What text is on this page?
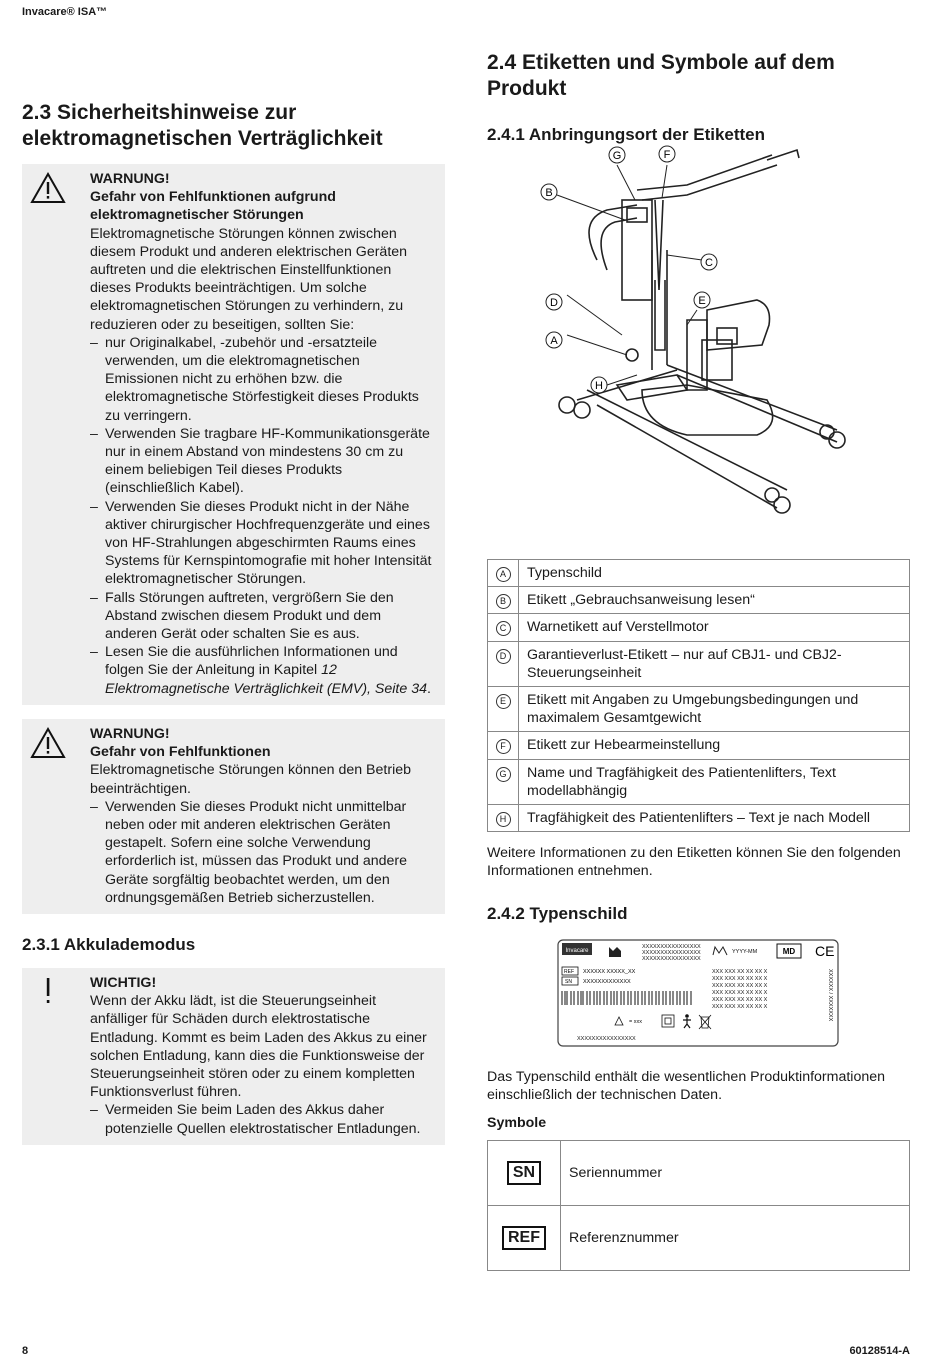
Invacare® ISA™
2.3 Sicherheitshinweise zur elektromagnetischen Verträglichkeit
WARNUNG!
Gefahr von Fehlfunktionen aufgrund elektromagnetischer Störungen
Elektromagnetische Störungen können zwischen diesem Produkt und anderen elektrischen Geräten auftreten und die elektrischen Einstellfunktionen dieses Produkts beeinträchtigen. Um solche elektromagnetischen Störungen zu verhindern, zu reduzieren oder zu beseitigen, sollten Sie:
– nur Originalkabel, -zubehör und -ersatzteile verwenden, um die elektromagnetischen Emissionen nicht zu erhöhen bzw. die elektromagnetische Störfestigkeit dieses Produkts zu verringern.
– Verwenden Sie tragbare HF-Kommunikationsgeräte nur in einem Abstand von mindestens 30 cm zu einem beliebigen Teil dieses Produkts (einschließlich Kabel).
– Verwenden Sie dieses Produkt nicht in der Nähe aktiver chirurgischer Hochfrequenzgeräte und eines von HF-Strahlungen abgeschirmten Raums eines Systems für Kernspintomografie mit hoher Intensität elektromagnetischer Störungen.
– Falls Störungen auftreten, vergrößern Sie den Abstand zwischen diesem Produkt und dem anderen Gerät oder schalten Sie es aus.
– Lesen Sie die ausführlichen Informationen und folgen Sie der Anleitung in Kapitel 12 Elektromagnetische Verträglichkeit (EMV), Seite 34.
WARNUNG!
Gefahr von Fehlfunktionen
Elektromagnetische Störungen können den Betrieb beeinträchtigen.
– Verwenden Sie dieses Produkt nicht unmittelbar neben oder mit anderen elektrischen Geräten gestapelt. Sofern eine solche Verwendung erforderlich ist, müssen das Produkt und andere Geräte sorgfältig beobachtet werden, um den ordnungsgemäßen Betrieb sicherzustellen.
2.3.1 Akkulademodus
WICHTIG!
Wenn der Akku lädt, ist die Steuerungseinheit anfälliger für Schäden durch elektrostatische Entladung. Kommt es beim Laden des Akkus zu einer solchen Entladung, kann dies die Funktionsweise der Steuerungseinheit stören oder zu einem kompletten Funktionsverlust führen.
– Vermeiden Sie beim Laden des Akkus daher potenzielle Quellen elektrostatischer Entladungen.
2.4 Etiketten und Symbole auf dem Produkt
2.4.1 Anbringungsort der Etiketten
G	F
B
C
E
D
A
H
A	Typenschild
B	Etikett „Gebrauchsanweisung lesen“
C	Warnetikett auf Verstellmotor
D	Garantieverlust-Etikett – nur auf CBJ1- und CBJ2-Steuerungseinheit
E	Etikett mit Angaben zu Umgebungsbedingungen und maximalem Gesamtgewicht
F	Etikett zur Hebearmeinstellung
G	Name und Tragfähigkeit des Patientenlifters, Text modellabhängig
H	Tragfähigkeit des Patientenlifters – Text je nach Modell

Weitere Informationen zu den Etiketten können Sie den folgenden Informationen entnehmen.

2.4.2 Typenschild
Invacare
XXXXXXXXXXXXXXXX
XXXXXXXXXXXXXXXX
XXXXXXXXXXXXXXXX
YYYY-MM	MD CE
REF
SN
XXXXXX XXXXX_XX
XXXXXXXXXXXXX
XXX XXX XX XX XX X
XXX XXX XX XX XX X
XXX XXX XX XX XX X
XXX XXX XX XX XX X
XXX XXX XX XX XX X
XXX XXX XX XX XX X
= xxx
XXXXXXXXXXXXXXXX
XXXXXX / XXXXXXX

Das Typenschild enthält die wesentlichen Produktinformationen einschließlich der technischen Daten.

Symbole

SN	Seriennummer
REF	Referenznummer
8	60128514-A
